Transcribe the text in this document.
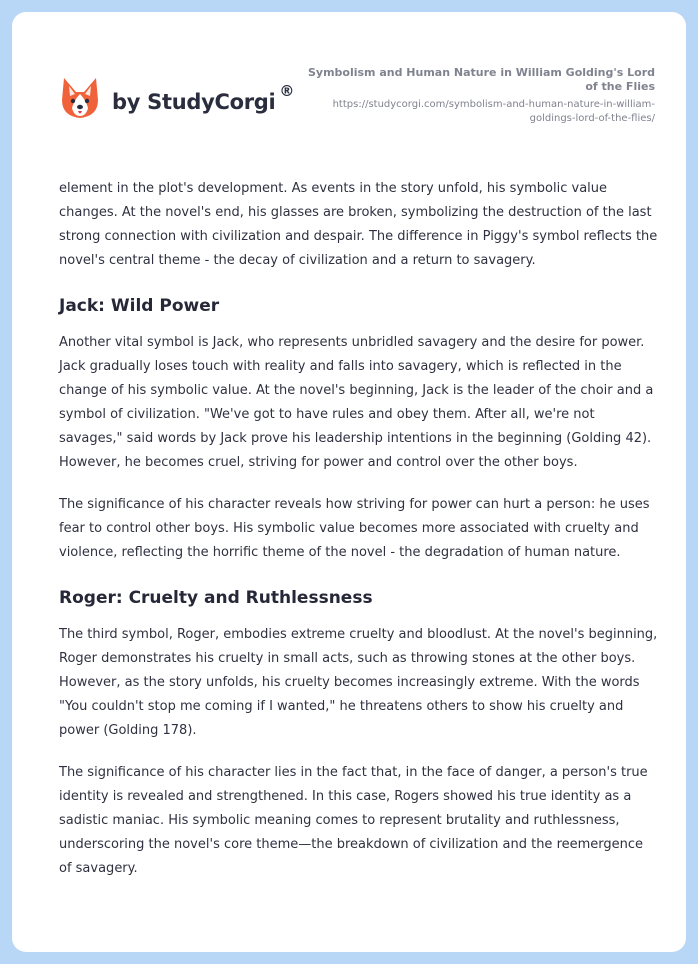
by StudyCorgi ®
Symbolism and Human Nature in William Golding's Lord of the Flies
https://studycorgi.com/symbolism-and-human-nature-in-william-goldings-lord-of-the-flies/

element in the plot's development. As events in the story unfold, his symbolic value changes. At the novel's end, his glasses are broken, symbolizing the destruction of the last strong connection with civilization and despair. The difference in Piggy's symbol reflects the novel's central theme - the decay of civilization and a return to savagery.

Jack: Wild Power

Another vital symbol is Jack, who represents unbridled savagery and the desire for power. Jack gradually loses touch with reality and falls into savagery, which is reflected in the change of his symbolic value. At the novel's beginning, Jack is the leader of the choir and a symbol of civilization. "We've got to have rules and obey them. After all, we're not savages," said words by Jack prove his leadership intentions in the beginning (Golding 42). However, he becomes cruel, striving for power and control over the other boys.

The significance of his character reveals how striving for power can hurt a person: he uses fear to control other boys. His symbolic value becomes more associated with cruelty and violence, reflecting the horrific theme of the novel - the degradation of human nature.

Roger: Cruelty and Ruthlessness

The third symbol, Roger, embodies extreme cruelty and bloodlust. At the novel's beginning, Roger demonstrates his cruelty in small acts, such as throwing stones at the other boys. However, as the story unfolds, his cruelty becomes increasingly extreme. With the words "You couldn't stop me coming if I wanted," he threatens others to show his cruelty and power (Golding 178).

The significance of his character lies in the fact that, in the face of danger, a person's true identity is revealed and strengthened. In this case, Rogers showed his true identity as a sadistic maniac. His symbolic meaning comes to represent brutality and ruthlessness, underscoring the novel's core theme—the breakdown of civilization and the reemergence of savagery.
